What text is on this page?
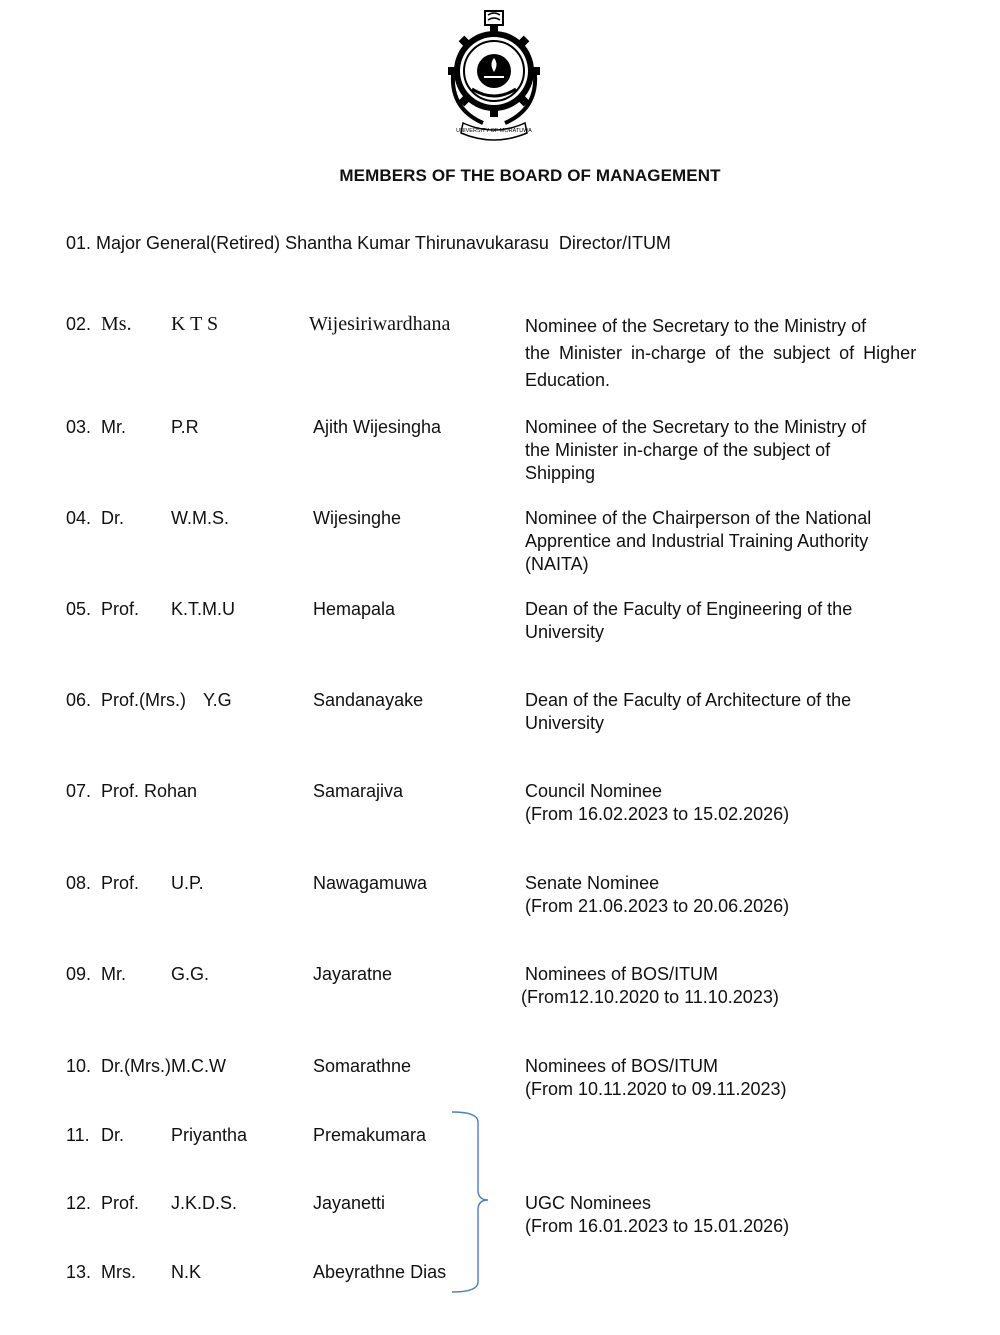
UNIVERSITY OF MORATUWA
MEMBERS OF THE BOARD OF MANAGEMENT
01. Major General(Retired) Shantha Kumar Thirunavukarasu  Director/ITUM
02. Ms. K T S	Wijesiriwardhana	Nominee of the Secretary to the Ministry of
the Minister in-charge of the subject of Higher
Education.
03. Mr.	P.R	Ajith Wijesingha	Nominee of the Secretary to the Ministry of
the Minister in-charge of the subject of
Shipping
04. Dr.	W.M.S.	Wijesinghe	Nominee of the Chairperson of the National
Apprentice and Industrial Training Authority
(NAITA)
05. Prof. K.T.M.U	Hemapala	Dean of the Faculty of Engineering of the
University
06. Prof.(Mrs.) Y.G	Sandanayake	Dean of the Faculty of Architecture of the
University
07. Prof. Rohan	Samarajiva	Council Nominee
(From 16.02.2023 to 15.02.2026)
08. Prof. U.P.	Nawagamuwa	Senate Nominee
(From 21.06.2023 to 20.06.2026)
09. Mr.	G.G.	Jayaratne	Nominees of BOS/ITUM
(From12.10.2020 to 11.10.2023)
10. Dr.(Mrs.)M.C.W	Somarathne	Nominees of BOS/ITUM
(From 10.11.2020 to 09.11.2023)
11. Dr.	Priyantha	Premakumara
12. Prof. J.K.D.S.	Jayanetti	UGC Nominees
(From 16.01.2023 to 15.01.2026)
13. Mrs. N.K	Abeyrathne Dias
